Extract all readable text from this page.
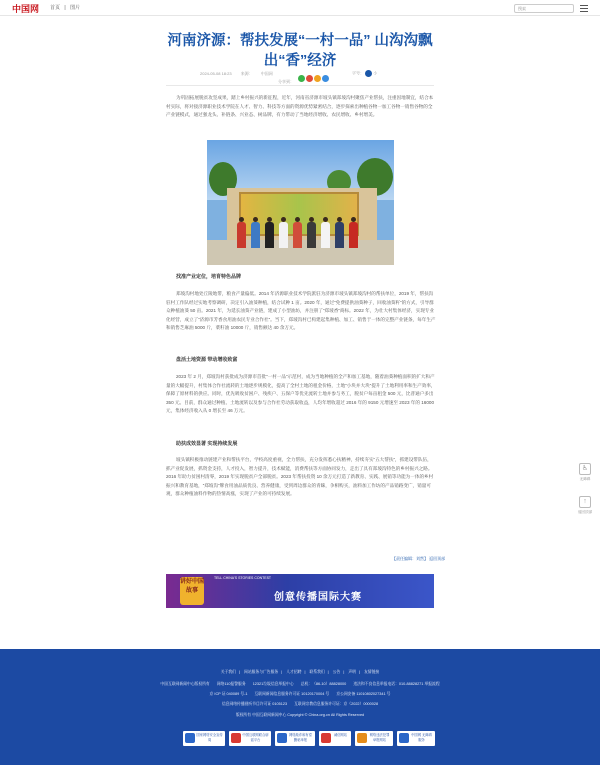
中国网 首页 | 图片	搜索
河南济源：帮扶发展“一村一品” 山沟沟飘出“香”经济
2024-05-08 18:23 来源： 中国网
分享到：
字号： 小

为巩固拓展脱贫攻坚成果，踏上乡村振兴的新征程，近年，河南省济源市坡头镇郑坡沟村聚焦产业帮扶，注重因地制宜，结合本村实际，将对接济源职业技术学院在人才、智力、科技等方面的资源优势紧密结合，逐步探索出种植谷物一加工谷物一销售谷物的全产业链模式，通过强龙头、补链条、兴业态、树品牌，有力带动了当地经济增收、农民增收、乡村增美。

找准产业定位，培育特色品牌

郑坡沟村地处丘陵地带，粮食产量偏低。2014 年济源职业技术学院派驻为济源市坡头镇郑坡沟村的帮扶单位，2019 年，帮扶沟驻村工作队经过实地考察调研，决定引入油葵种植，结合试种 1 亩。2020 年，通过“免费提供油葵种子，回收油葵籽”的方式，引导群众种植油葵 50 亩。2021 年，为延长油葵产业链，建成了小型油坊，并注册了“郑坡香”商标。2022 年，为壮大村集体经济，实现专业化经营，成立了“济源市芳香食用油农民专业合作社”。当下，郑坡沟村已构建起集种植、加工、销售于一体的完整产业链条，每年生产和销售芝麻油 5000 斤，菜籽油 10000 斤，销售额达 40 余万元。

盘活土地资源 带动增收致富

2023 年 2 月，郑坡沟村获批成为济源市首批“一村一品”示范村，成为当地种植的全产和加工基地，随着油葵种植面积的扩大和产量的大幅提升，村集体合作社流转的土地逐步规模化，提高了全村土地的租金价格，土地“小块并大块”提升了土地利用率和生产效率，保障了原材料的供应。同时，优先吸收贫困户、残疾户、五保户等优先流转土地并参与务工，脱贫户每亩租金 500 元，比普通户多出 350 元。目前，群众通过种植、土地流转以及参与合作社劳动获取收益，人均年增收超过 2016 年的 9150 元增速至 2023 年的 16000 元，集体经济收入从 0 增长至 46 万元。

助扶成效显著 实现持续发展

坡头镇积极推动链建产业和帮扶平台，学校高度重视，全力帮扶，充分发挥悉心扶精神，持续夯实“五大帮扶”，抓建设带队伍，抓产业促发展，抓资金支持，人才投入，智力提升，技术赋能，消费帮扶等方面协同发力，走出了具有郑坡沟特色的乡村振兴之路。2016 年助力贫困村清零，2019 年实现脱贫户全部脱贫。2023 年帮扶投资 10 余万元打造了新教育、实践、展销等功能为一体的乡村振兴和教育基地，“郑坡沟”牌食用油品质优良、营养健康，受到周边群众的青睐，争相购买，油料加工作坊的产品销路变广，销量可观，群众种植油料作物的热情高涨，实现了产业的可持续发展。

【责任编辑：刘然】 返回顶部
讲好中国故事
TELL CHINA'S STORIES CONTEST
创意传播国际大赛
♿
无障碍
↑
返回顶部
关于我们 | 网站服务与广告服务 | 人才招聘 | 联系我们 | 公告 | 声明 | 友情链接
中国互联网新闻中心版权所有 网络110报警服务 12321垃圾信息举报中心 总机：（86-10）88828000 违法和不良信息举报电话：010-88828271 举报流程
京 ICP 证 040089 号-1 互联网新闻信息服务许可证 10120170004 号 京公网安备 11010802027341 号
信息网络传播视听节目许可证 0105123 互联网宗教信息服务许可证：京（2022）0000028
版权所有 中国互联网新闻中心 Copyright © China.org.cn All Rights Reserved
国家网络安全宣传周
中国互联网联合辟谣平台
网络敲诈和有偿删帖举报
诚信网站	网络违法犯罪举报网站
中国网 无障碍服务
